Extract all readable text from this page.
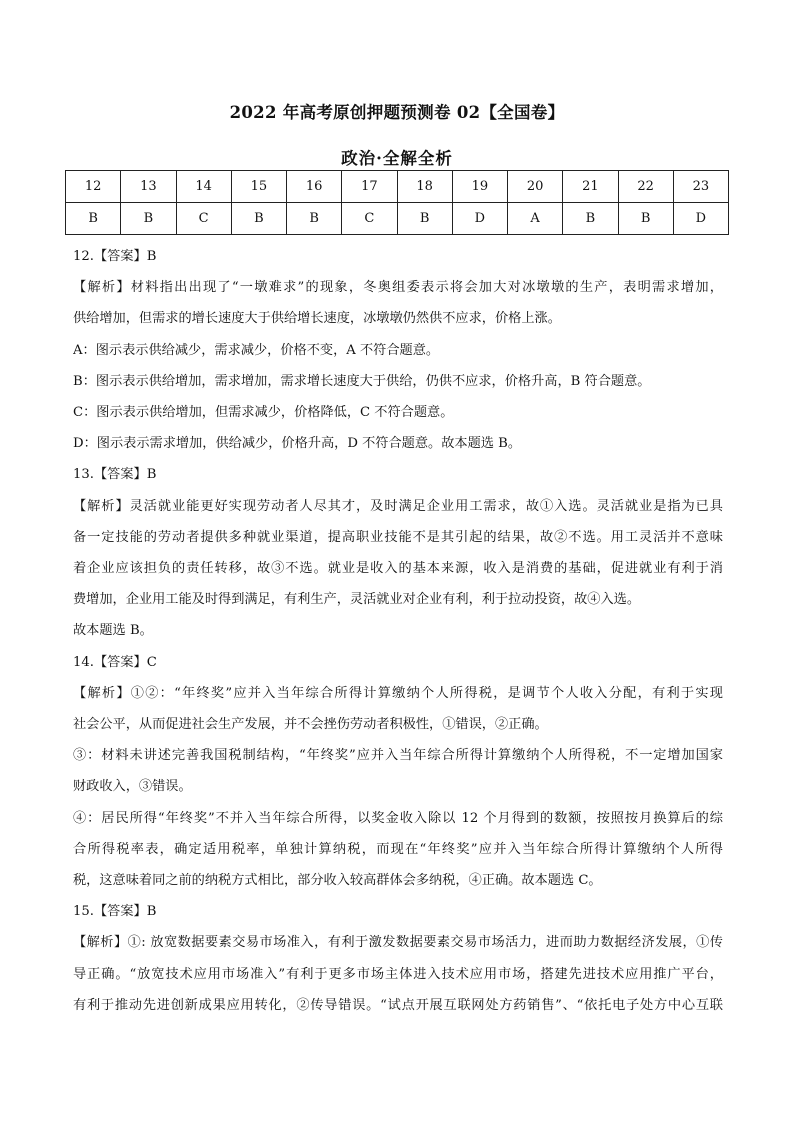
2022 年高考原创押题预测卷 02【全国卷】
政治·全解全析
12	13	14	15	16	17	18	19	20	21	22	23
B	B	C	B	B	C	B	D	A	B	B	D

12.【答案】B

【解析】材料指出出现了“一墩难求”的现象，冬奥组委表示将会加大对冰墩墩的生产，表明需求增加，

供给增加，但需求的增长速度大于供给增长速度，冰墩墩仍然供不应求，价格上涨。

A：图示表示供给减少，需求减少，价格不变，A 不符合题意。

B：图示表示供给增加，需求增加，需求增长速度大于供给，仍供不应求，价格升高，B 符合题意。

C：图示表示供给增加，但需求减少，价格降低，C 不符合题意。

D：图示表示需求增加，供给减少，价格升高，D 不符合题意。故本题选 B。

13.【答案】B

【解析】灵活就业能更好实现劳动者人尽其才，及时满足企业用工需求，故①入选。灵活就业是指为已具

备一定技能的劳动者提供多种就业渠道，提高职业技能不是其引起的结果，故②不选。用工灵活并不意味

着企业应该担负的责任转移，故③不选。就业是收入的基本来源，收入是消费的基础，促进就业有利于消

费增加，企业用工能及时得到满足，有利生产，灵活就业对企业有利，利于拉动投资，故④入选。

故本题选 B。

14.【答案】C

【解析】①②：“年终奖”应并入当年综合所得计算缴纳个人所得税，是调节个人收入分配，有利于实现

社会公平，从而促进社会生产发展，并不会挫伤劳动者积极性，①错误，②正确。

③：材料未讲述完善我国税制结构，“年终奖”应并入当年综合所得计算缴纳个人所得税，不一定增加国家

财政收入，③错误。

④：居民所得“年终奖”不并入当年综合所得，以奖金收入除以 12 个月得到的数额，按照按月换算后的综

合所得税率表，确定适用税率，单独计算纳税，而现在“年终奖”应并入当年综合所得计算缴纳个人所得

税，这意味着同之前的纳税方式相比，部分收入较高群体会多纳税，④正确。故本题选 C。

15.【答案】B

【解析】①: 放宽数据要素交易市场准入，有利于激发数据要素交易市场活力，进而助力数据经济发展，①传

导正确。“放宽技术应用市场准入”有利于更多市场主体进入技术应用市场，搭建先进技术应用推广平台，

有利于推动先进创新成果应用转化，②传导错误。“试点开展互联网处方药销售”、“依托电子处方中心互联
